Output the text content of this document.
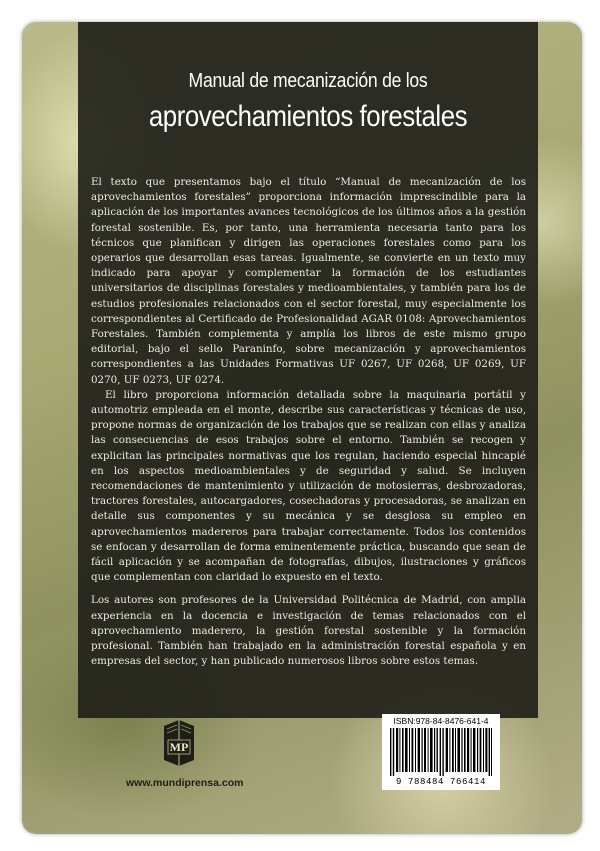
Manual de mecanización de los
aprovechamientos forestales

El texto que presentamos bajo el título “Manual de mecanización de los aprovechamientos forestales” proporciona información imprescindible para la aplicación de los importantes avances tecnológicos de los últimos años a la gestión forestal sostenible. Es, por tanto, una herramienta necesaria tanto para los técnicos que planifican y dirigen las operaciones forestales como para los operarios que desarrollan esas tareas. Igualmente, se convierte en un texto muy indicado para apoyar y complementar la formación de los estudiantes universitarios de disciplinas forestales y medioambientales, y también para los de estudios profesionales relacionados con el sector forestal, muy especialmente los correspondientes al Certificado de Profesionalidad AGAR 0108: Aprovechamientos Forestales. También complementa y amplía los libros de este mismo grupo editorial, bajo el sello Paraninfo, sobre mecanización y aprovechamientos correspondientes a las Unidades Formativas UF 0267, UF 0268, UF 0269, UF 0270, UF 0273, UF 0274.

El libro proporciona información detallada sobre la maquinaria portátil y automotriz empleada en el monte, describe sus características y técnicas de uso, propone normas de organización de los trabajos que se realizan con ellas y analiza las consecuencias de esos trabajos sobre el entorno. También se recogen y explicitan las principales normativas que los regulan, haciendo especial hincapié en los aspectos medioambientales y de seguridad y salud. Se incluyen recomendaciones de mantenimiento y utilización de motosierras, desbrozadoras, tractores forestales, autocargadores, cosechadoras y procesadoras, se analizan en detalle sus componentes y su mecánica y se desglosa su empleo en aprovechamientos madereros para trabajar correctamente. Todos los contenidos se enfocan y desarrollan de forma eminentemente práctica, buscando que sean de fácil aplicación y se acompañan de fotografías, dibujos, ilustraciones y gráficos que complementan con claridad lo expuesto en el texto.

Los autores son profesores de la Universidad Politécnica de Madrid, con amplia experiencia en la docencia e investigación de temas relacionados con el aprovechamiento maderero, la gestión forestal sostenible y la formación profesional. También han trabajado en la administración forestal española y en empresas del sector, y han publicado numerosos libros sobre estos temas.

MP
www.mundiprensa.com
ISBN:978-84-8476-641-4
9 788484 766414
